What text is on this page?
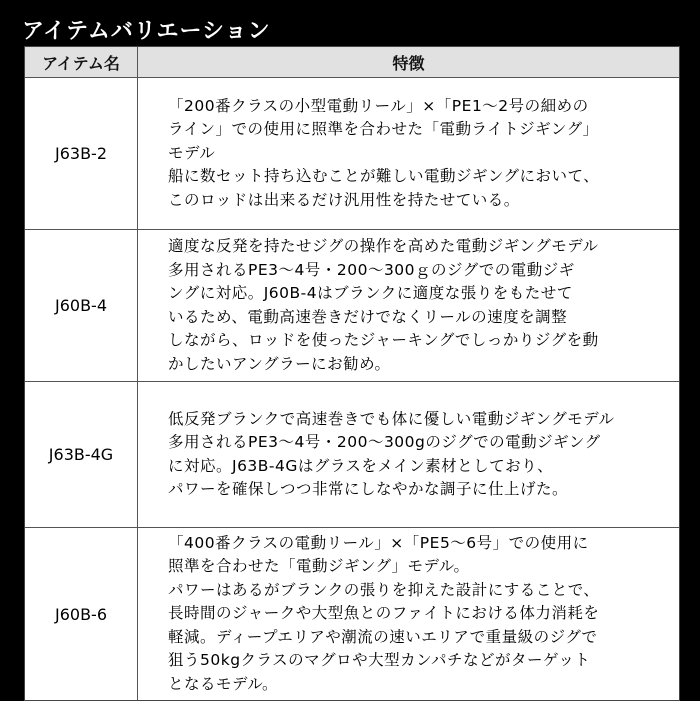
アイテムバリエーション
アイテム名	特徴
J63B-2
「200番クラスの小型電動リール」×「PE1～2号の細めの
ライン」での使用に照準を合わせた「電動ライトジギング」
モデル
船に数セット持ち込むことが難しい電動ジギングにおいて、
このロッドは出来るだけ汎用性を持たせている。
J60B-4
適度な反発を持たせジグの操作を高めた電動ジギングモデル
多用されるPE3～4号・200～300ｇのジグでの電動ジギ
ングに対応。J60B-4はブランクに適度な張りをもたせて
いるため、電動高速巻きだけでなくリールの速度を調整
しながら、ロッドを使ったジャーキングでしっかりジグを動
かしたいアングラーにお勧め。
J63B-4G
低反発ブランクで高速巻きでも体に優しい電動ジギングモデル
多用されるPE3～4号・200～300gのジグでの電動ジギング
に対応。J63B-4Gはグラスをメイン素材としており、
パワーを確保しつつ非常にしなやかな調子に仕上げた。
J60B-6
「400番クラスの電動リール」×「PE5～6号」での使用に
照準を合わせた「電動ジギング」モデル。
パワーはあるがブランクの張りを抑えた設計にすることで、
長時間のジャークや大型魚とのファイトにおける体力消耗を
軽減。ディープエリアや潮流の速いエリアで重量級のジグで
狙う50kgクラスのマグロや大型カンパチなどがターゲット
となるモデル。
